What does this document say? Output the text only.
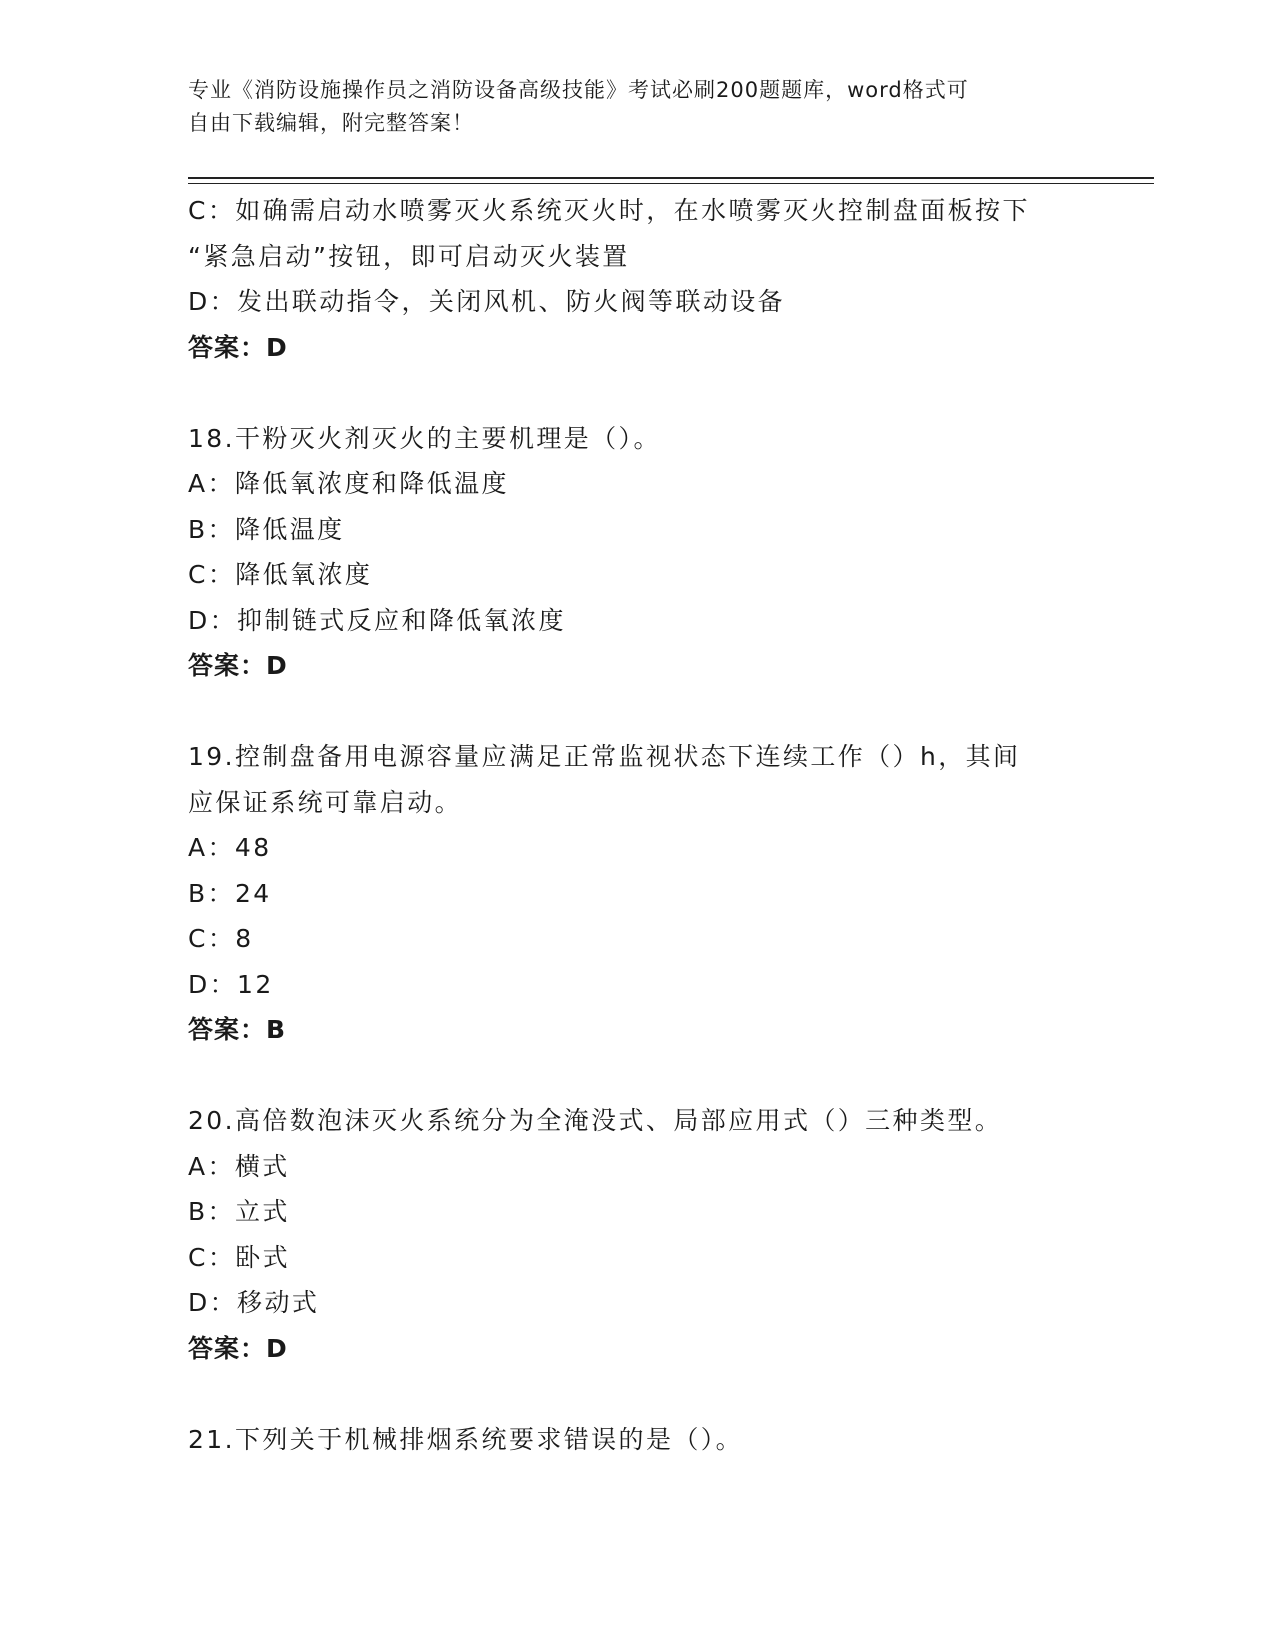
专业《消防设施操作员之消防设备高级技能》考试必刷200题题库，word格式可
自由下载编辑，附完整答案！
C：如确需启动水喷雾灭火系统灭火时，在水喷雾灭火控制盘面板按下
“紧急启动”按钮，即可启动灭火装置
D：发出联动指令，关闭风机、防火阀等联动设备
答案：D
18.干粉灭火剂灭火的主要机理是（）。
A：降低氧浓度和降低温度
B：降低温度
C：降低氧浓度
D：抑制链式反应和降低氧浓度
答案：D
19.控制盘备用电源容量应满足正常监视状态下连续工作（）h，其间
应保证系统可靠启动。
A：48
B：24
C：8
D：12
答案：B
20.高倍数泡沫灭火系统分为全淹没式、局部应用式（）三种类型。
A：横式
B：立式
C：卧式
D：移动式
答案：D
21.下列关于机械排烟系统要求错误的是（）。
